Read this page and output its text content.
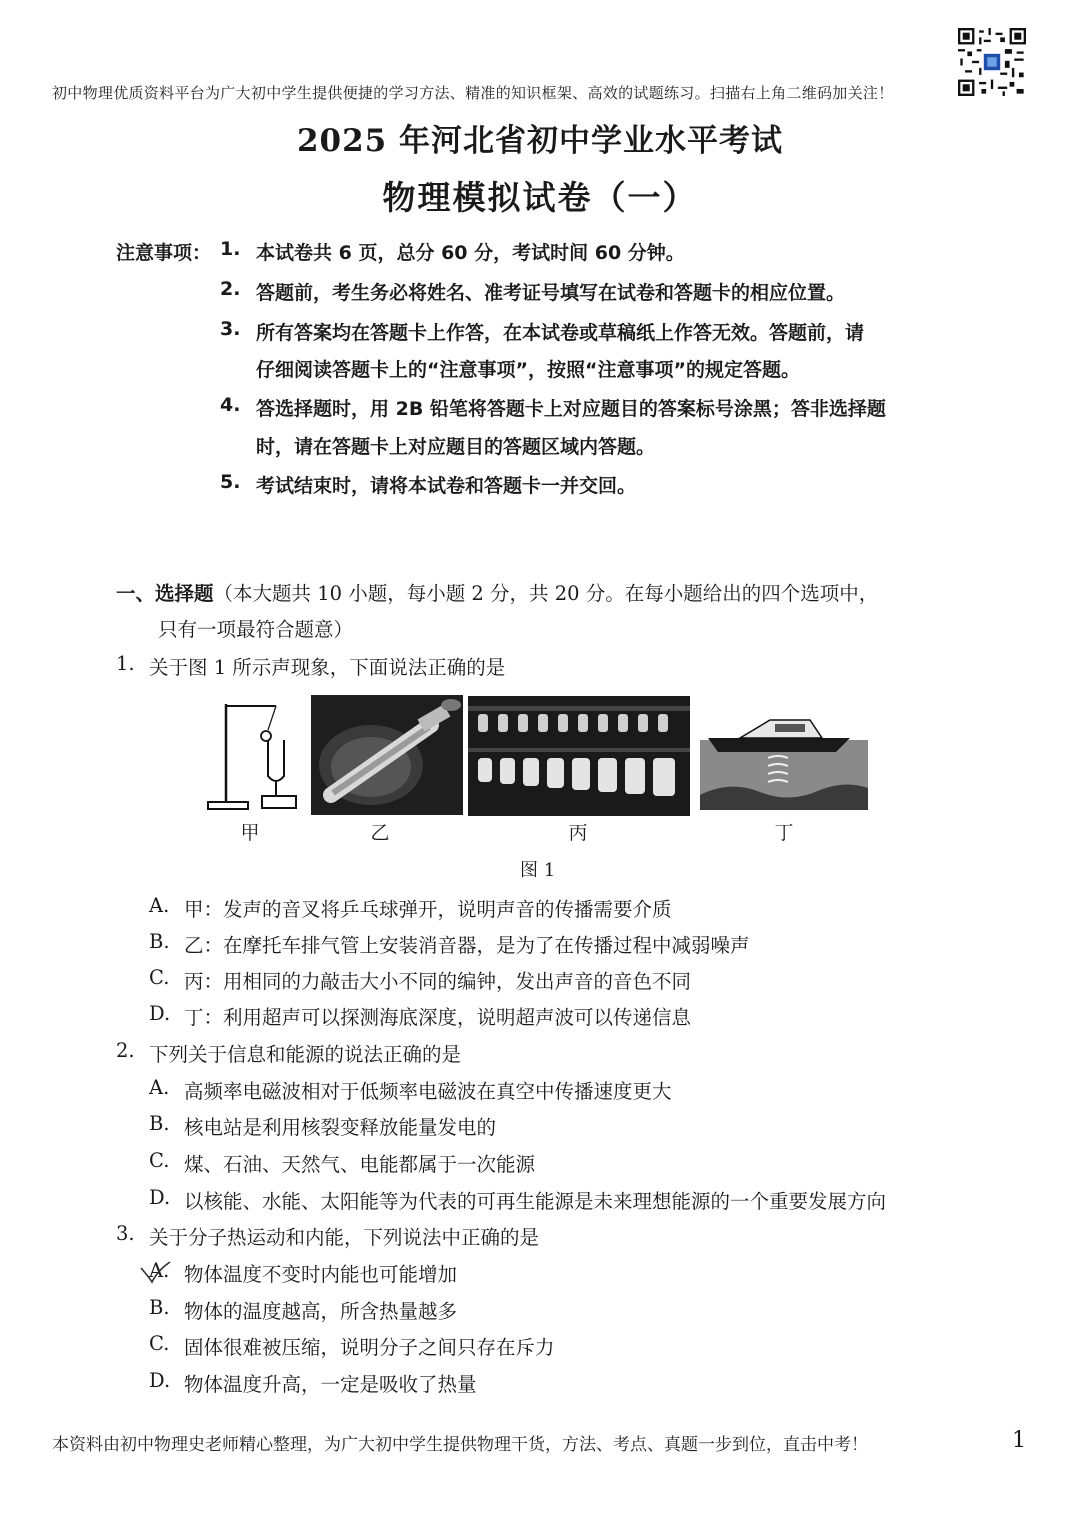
初中物理优质资料平台为广大初中学生提供便捷的学习方法、精准的知识框架、高效的试题练习。扫描右上角二维码加关注！
2025 年河北省初中学业水平考试
物理模拟试卷（一）
注意事项： 1. 本试卷共 6 页，总分 60 分，考试时间 60 分钟。
2. 答题前，考生务必将姓名、准考证号填写在试卷和答题卡的相应位置。
3. 所有答案均在答题卡上作答，在本试卷或草稿纸上作答无效。答题前，请
仔细阅读答题卡上的“注意事项”，按照“注意事项”的规定答题。
4. 答选择题时，用 2B 铅笔将答题卡上对应题目的答案标号涂黑；答非选择题
时，请在答题卡上对应题目的答题区域内答题。
5. 考试结束时，请将本试卷和答题卡一并交回。
一、选择题（本大题共 10 小题，每小题 2 分，共 20 分。在每小题给出的四个选项中，
只有一项最符合题意）
1. 关于图 1 所示声现象，下面说法正确的是
甲	乙	丙	丁
图 1
A. 甲：发声的音叉将乒乓球弹开，说明声音的传播需要介质
B. 乙：在摩托车排气管上安装消音器，是为了在传播过程中减弱噪声
C. 丙：用相同的力敲击大小不同的编钟，发出声音的音色不同
D. 丁：利用超声可以探测海底深度，说明超声波可以传递信息
2. 下列关于信息和能源的说法正确的是
A. 高频率电磁波相对于低频率电磁波在真空中传播速度更大
B. 核电站是利用核裂变释放能量发电的
C. 煤、石油、天然气、电能都属于一次能源
D. 以核能、水能、太阳能等为代表的可再生能源是未来理想能源的一个重要发展方向
3. 关于分子热运动和内能，下列说法中正确的是
A. 物体温度不变时内能也可能增加
B. 物体的温度越高，所含热量越多
C. 固体很难被压缩，说明分子之间只存在斥力
D. 物体温度升高，一定是吸收了热量
本资料由初中物理史老师精心整理，为广大初中学生提供物理干货，方法、考点、真题一步到位，直击中考！	1
